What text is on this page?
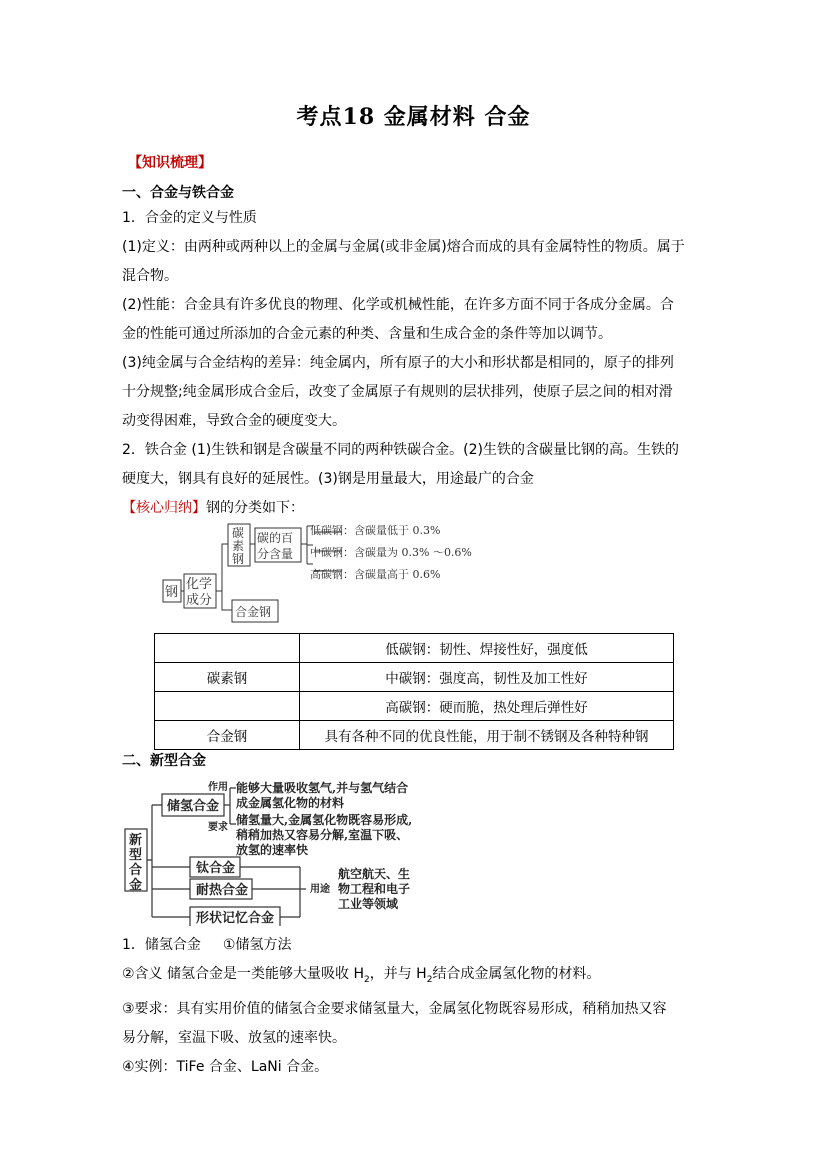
考点18 金属材料 合金
【知识梳理】
一、合金与铁合金
1．合金的定义与性质
(1)定义：由两种或两种以上的金属与金属(或非金属)熔合而成的具有金属特性的物质。属于
混合物。
(2)性能：合金具有许多优良的物理、化学或机械性能，在许多方面不同于各成分金属。合
金的性能可通过所添加的合金元素的种类、含量和生成合金的条件等加以调节。
(3)纯金属与合金结构的差异：纯金属内，所有原子的大小和形状都是相同的，原子的排列
十分规整;纯金属形成合金后，改变了金属原子有规则的层状排列，使原子层之间的相对滑
动变得困难，导致合金的硬度变大。
2．铁合金 (1)生铁和钢是含碳量不同的两种铁碳合金。(2)生铁的含碳量比钢的高。生铁的
硬度大，钢具有良好的延展性。(3)钢是用量最大，用途最广的合金
【核心归纳】钢的分类如下：
钢
化学
成分
碳
素
钢
碳的百
分含量
低碳钢：含碳量低于 0.3%
中碳钢：含碳量为 0.3% ～0.6%
高碳钢：含碳量高于 0.6%
合金钢
	低碳钢：韧性、焊接性好，强度低
碳素钢	中碳钢：强度高，韧性及加工性好
	高碳钢：硬而脆，热处理后弹性好
合金钢	具有各种不同的优良性能，用于制不锈钢及各种特种钢
二、新型合金
新
型
合
金
储氢合金
作用
要求
能够大量吸收氢气,并与氢气结合
成金属氢化物的材料
储氢量大,金属氢化物既容易形成,
稍稍加热又容易分解,室温下吸、
放氢的速率快
钛合金
耐热合金
形状记忆合金
用途
航空航天、生
物工程和电子
工业等领域
1．储氢合金 ①储氢方法
②含义 储氢合金是一类能够大量吸收 $H_2$，并与 $H_2$结合成金属氢化物的材料。
③要求：具有实用价值的储氢合金要求储氢量大，金属氢化物既容易形成，稍稍加热又容
易分解，室温下吸、放氢的速率快。
④实例：TiFe 合金、LaNi 合金。
